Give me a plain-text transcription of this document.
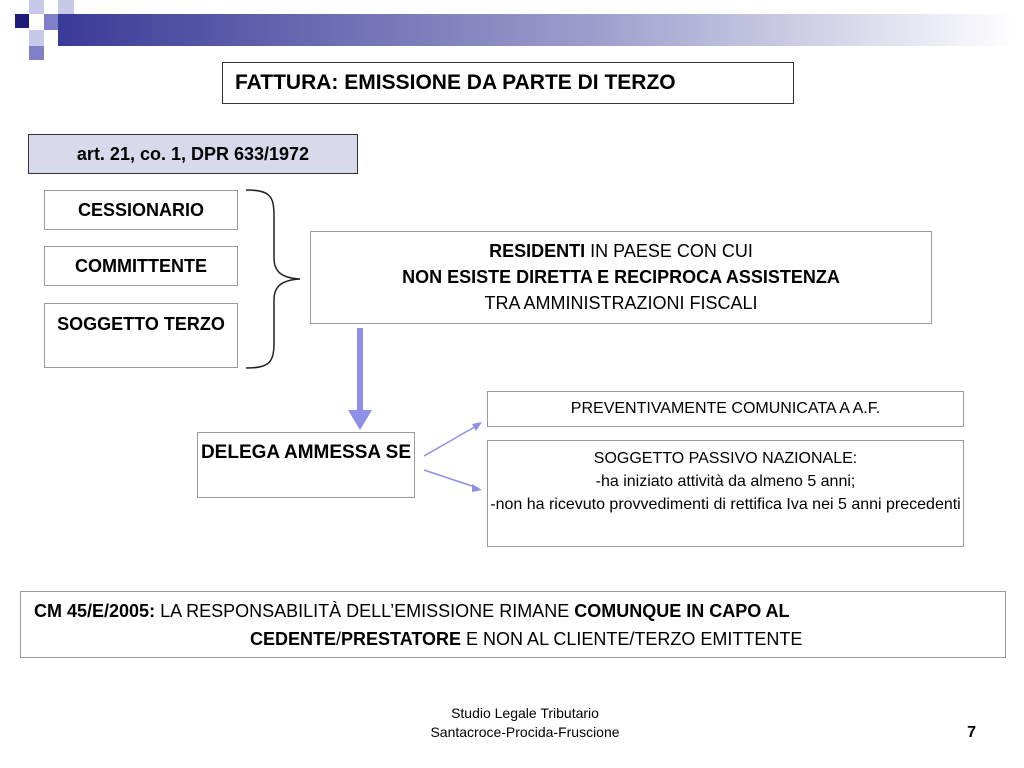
FATTURA: EMISSIONE DA PARTE DI TERZO
art. 21, co. 1, DPR 633/1972
CESSIONARIO
COMMITTENTE
SOGGETTO TERZO
RESIDENTI IN PAESE CON CUI
NON ESISTE DIRETTA E RECIPROCA ASSISTENZA
TRA AMMINISTRAZIONI FISCALI
DELEGA AMMESSA SE
PREVENTIVAMENTE COMUNICATA A A.F.
SOGGETTO PASSIVO NAZIONALE:
-ha iniziato attività da almeno 5 anni;
-non ha ricevuto provvedimenti di rettifica Iva nei 5 anni precedenti
CM 45/E/2005: LA RESPONSABILITÀ DELL’EMISSIONE RIMANE COMUNQUE IN CAPO AL
CEDENTE/PRESTATORE E NON AL CLIENTE/TERZO EMITTENTE
Studio Legale Tributario
Santacroce-Procida-Fruscione	7
